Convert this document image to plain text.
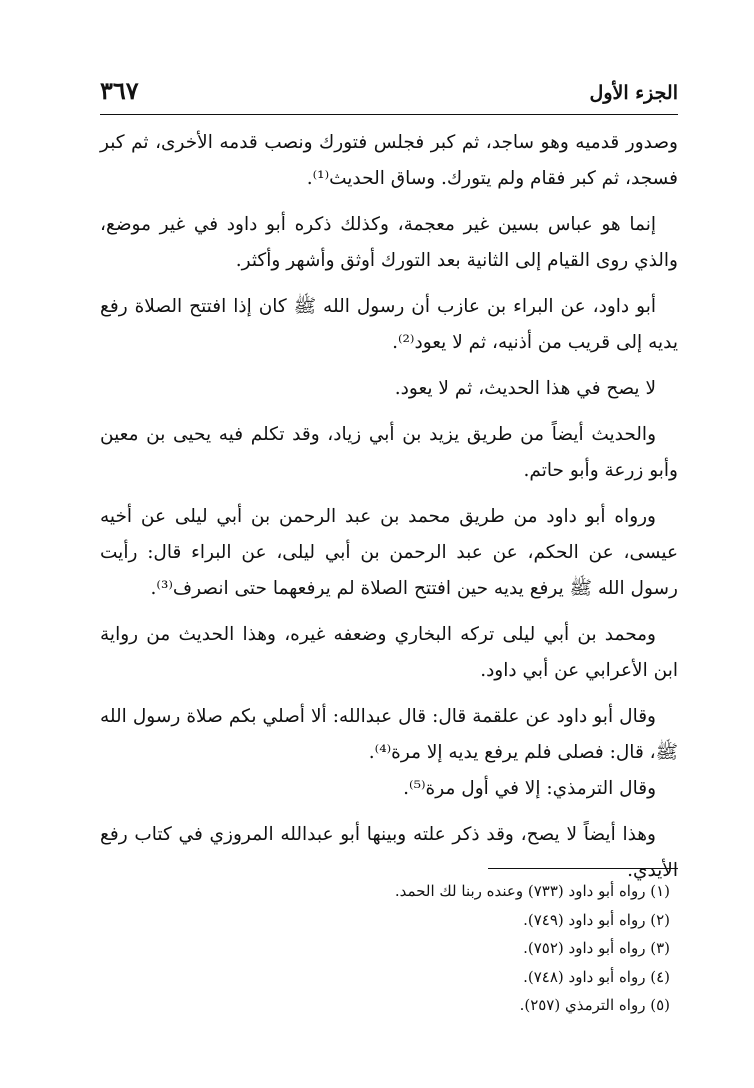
الجزء الأول
٣٦٧

وصدور قدميه وهو ساجد، ثم كبر فجلس فتورك ونصب قدمه الأخرى، ثم كبر فسجد، ثم كبر فقام ولم يتورك. وساق الحديث⁽¹⁾.

إنما هو عباس بسين غير معجمة، وكذلك ذكره أبو داود في غير موضع، والذي روى القيام إلى الثانية بعد التورك أوثق وأشهر وأكثر.

أبو داود، عن البراء بن عازب أن رسول الله ﷺ كان إذا افتتح الصلاة رفع يديه إلى قريب من أذنيه، ثم لا يعود⁽²⁾.

لا يصح في هذا الحديث، ثم لا يعود.

والحديث أيضاً من طريق يزيد بن أبي زياد، وقد تكلم فيه يحيى بن معين وأبو زرعة وأبو حاتم.

ورواه أبو داود من طريق محمد بن عبد الرحمن بن أبي ليلى عن أخيه عيسى، عن الحكم، عن عبد الرحمن بن أبي ليلى، عن البراء قال: رأيت رسول الله ﷺ يرفع يديه حين افتتح الصلاة لم يرفعهما حتى انصرف⁽³⁾.

ومحمد بن أبي ليلى تركه البخاري وضعفه غيره، وهذا الحديث من رواية ابن الأعرابي عن أبي داود.

وقال أبو داود عن علقمة قال: قال عبدالله: ألا أصلي بكم صلاة رسول الله ﷺ، قال: فصلى فلم يرفع يديه إلا مرة⁽⁴⁾.

وقال الترمذي: إلا في أول مرة⁽⁵⁾.

وهذا أيضاً لا يصح، وقد ذكر علته وبينها أبو عبدالله المروزي في كتاب رفع الأيدي.

(١) رواه أبو داود (٧٣٣) وعنده ربنا لك الحمد.

(٢) رواه أبو داود (٧٤٩).

(٣) رواه أبو داود (٧٥٢).

(٤) رواه أبو داود (٧٤٨).

(٥) رواه الترمذي (٢٥٧).
